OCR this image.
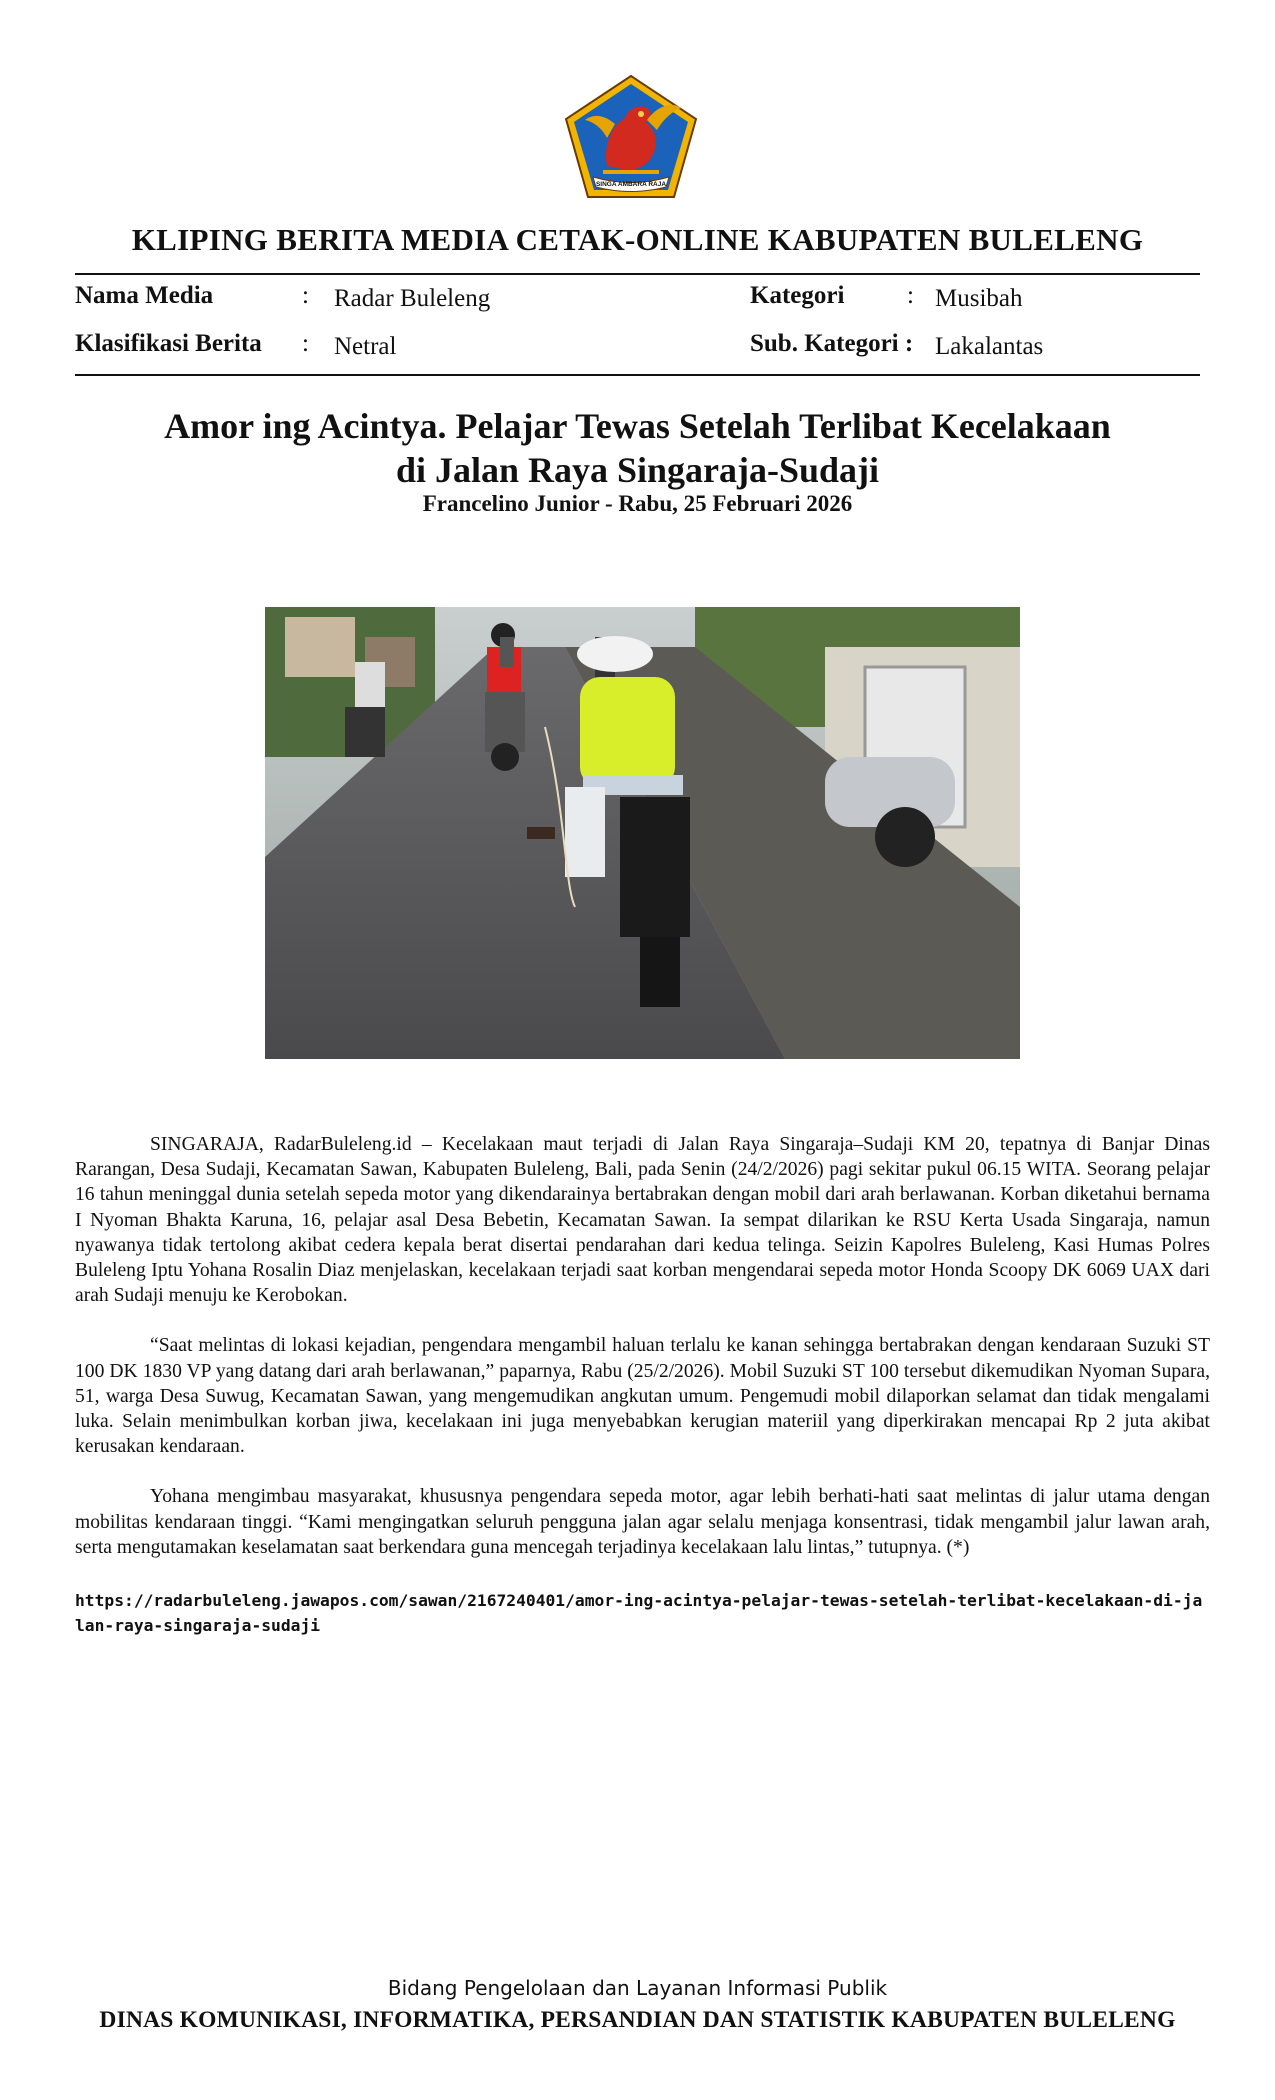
SINGA AMBARA RAJA
KLIPING BERITA MEDIA CETAK-ONLINE KABUPATEN BULELENG
Nama Media	: Radar Buleleng
Klasifikasi Berita : Netral
Kategori	: Musibah
Sub. Kategori : Lakalantas
Amor ing Acintya. Pelajar Tewas Setelah Terlibat Kecelakaan
di Jalan Raya Singaraja-Sudaji
Francelino Junior - Rabu, 25 Februari 2026

SINGARAJA, RadarBuleleng.id – Kecelakaan maut terjadi di Jalan Raya Singaraja–Sudaji KM 20, tepatnya di Banjar Dinas Rarangan, Desa Sudaji, Kecamatan Sawan, Kabupaten Buleleng, Bali, pada Senin (24/2/2026) pagi sekitar pukul 06.15 WITA. Seorang pelajar 16 tahun meninggal dunia setelah sepeda motor yang dikendarainya bertabrakan dengan mobil dari arah berlawanan. Korban diketahui bernama I Nyoman Bhakta Karuna, 16, pelajar asal Desa Bebetin, Kecamatan Sawan. Ia sempat dilarikan ke RSU Kerta Usada Singaraja, namun nyawanya tidak tertolong akibat cedera kepala berat disertai pendarahan dari kedua telinga. Seizin Kapolres Buleleng, Kasi Humas Polres Buleleng Iptu Yohana Rosalin Diaz menjelaskan, kecelakaan terjadi saat korban mengendarai sepeda motor Honda Scoopy DK 6069 UAX dari arah Sudaji menuju ke Kerobokan.

“Saat melintas di lokasi kejadian, pengendara mengambil haluan terlalu ke kanan sehingga bertabrakan dengan kendaraan Suzuki ST 100 DK 1830 VP yang datang dari arah berlawanan,” paparnya, Rabu (25/2/2026). Mobil Suzuki ST 100 tersebut dikemudikan Nyoman Supara, 51, warga Desa Suwug, Kecamatan Sawan, yang mengemudikan angkutan umum. Pengemudi mobil dilaporkan selamat dan tidak mengalami luka. Selain menimbulkan korban jiwa, kecelakaan ini juga menyebabkan kerugian materiil yang diperkirakan mencapai Rp 2 juta akibat kerusakan kendaraan.

Yohana mengimbau masyarakat, khususnya pengendara sepeda motor, agar lebih berhati-hati saat melintas di jalur utama dengan mobilitas kendaraan tinggi. “Kami mengingatkan seluruh pengguna jalan agar selalu menjaga konsentrasi, tidak mengambil jalur lawan arah, serta mengutamakan keselamatan saat berkendara guna mencegah terjadinya kecelakaan lalu lintas,” tutupnya. (*)

https://radarbuleleng.jawapos.com/sawan/2167240401/amor-ing-acintya-pelajar-tewas-setelah-terlibat-kecelakaan-di-jalan-raya-singaraja-sudaji
Bidang Pengelolaan dan Layanan Informasi Publik
DINAS KOMUNIKASI, INFORMATIKA, PERSANDIAN DAN STATISTIK KABUPATEN BULELENG
